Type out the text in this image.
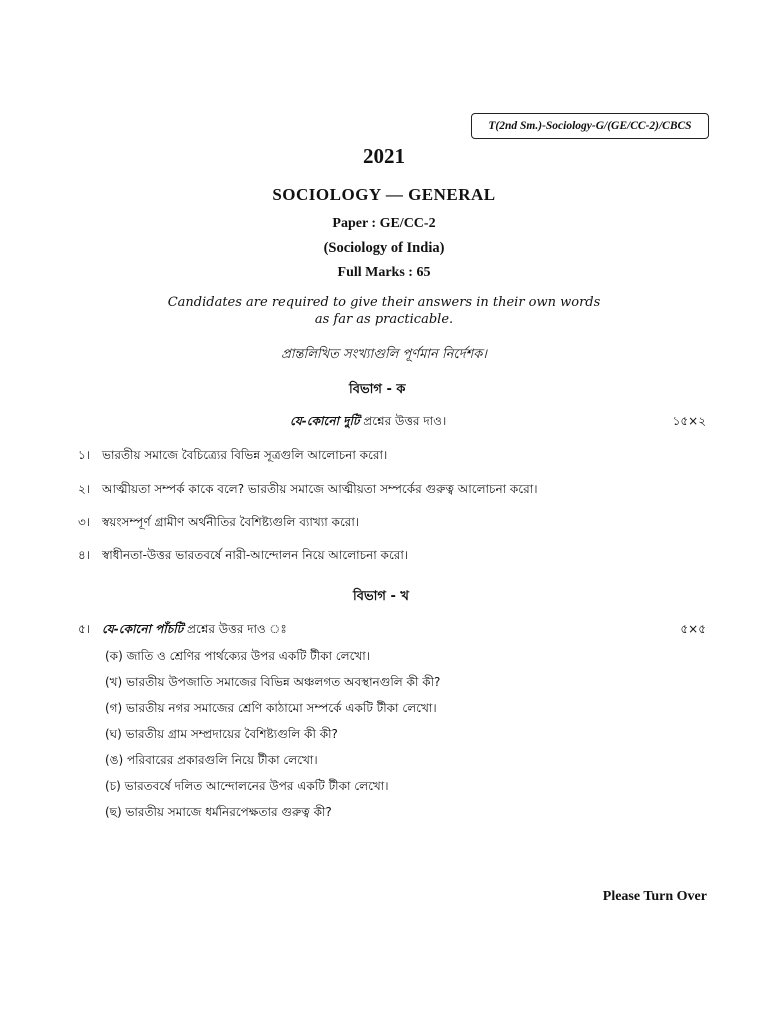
T(2nd Sm.)-Sociology-G/(GE/CC-2)/CBCS
2021
SOCIOLOGY — GENERAL
Paper : GE/CC-2
(Sociology of India)
Full Marks : 65
Candidates are required to give their answers in their own words
as far as practicable.
প্রান্তলিখিত সংখ্যাগুলি পূর্ণমান নির্দেশক।
বিভাগ - ক
যে-কোনো দুটি প্রশ্নের উত্তর দাও।	১৫×২
১। ভারতীয় সমাজে বৈচিত্র্যের বিভিন্ন সূত্রগুলি আলোচনা করো।
২। আত্মীয়তা সম্পর্ক কাকে বলে? ভারতীয় সমাজে আত্মীয়তা সম্পর্কের গুরুত্ব আলোচনা করো।
৩। স্বয়ংসম্পূর্ণ গ্রামীণ অর্থনীতির বৈশিষ্ট্যগুলি ব্যাখ্যা করো।
৪। স্বাধীনতা-উত্তর ভারতবর্ষে নারী-আন্দোলন নিয়ে আলোচনা করো।
বিভাগ - খ
৫। যে-কোনো পাঁচটি প্রশ্নের উত্তর দাও ঃ	৫×৫
(ক) জাতি ও শ্রেণির পার্থক্যের উপর একটি টীকা লেখো।
(খ) ভারতীয় উপজাতি সমাজের বিভিন্ন অঞ্চলগত অবস্থানগুলি কী কী?
(গ) ভারতীয় নগর সমাজের শ্রেণি কাঠামো সম্পর্কে একটি টীকা লেখো।
(ঘ) ভারতীয় গ্রাম সম্প্রদায়ের বৈশিষ্ট্যগুলি কী কী?
(ঙ) পরিবারের প্রকারগুলি নিয়ে টীকা লেখো।
(চ) ভারতবর্ষে দলিত আন্দোলনের উপর একটি টীকা লেখো।
(ছ) ভারতীয় সমাজে ধর্মনিরপেক্ষতার গুরুত্ব কী?
Please Turn Over
